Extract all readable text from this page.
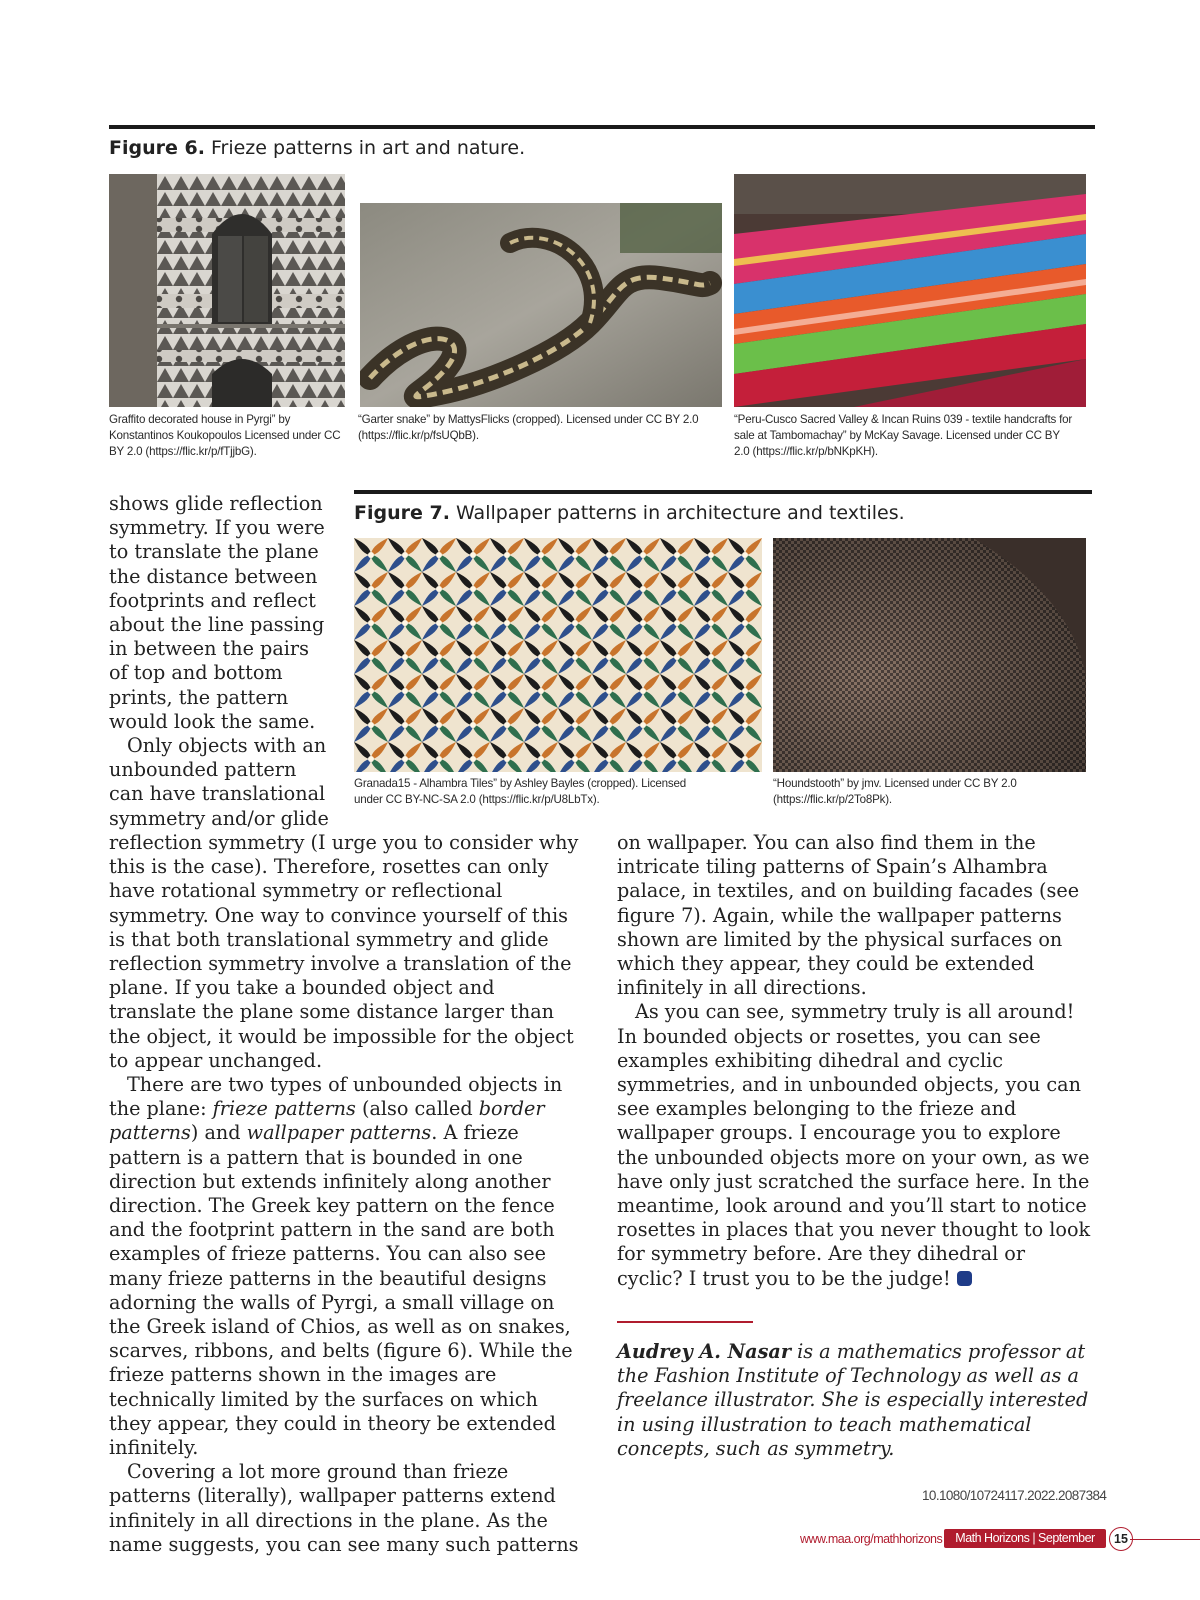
Figure 6. Frieze patterns in art and nature.
Graffito decorated house in Pyrgi” by Konstantinos Koukopoulos Licensed under CC BY 2.0 (https://flic.kr/p/fTjjbG).
“Garter snake” by MattysFlicks (cropped). Licensed under CC BY 2.0 (https://flic.kr/p/fsUQbB).
“Peru-Cusco Sacred Valley & Incan Ruins 039 - textile handcrafts for sale at Tambomachay” by McKay Savage. Licensed under CC BY 2.0 (https://flic.kr/p/bNKpKH).
Figure 7. Wallpaper patterns in architecture and textiles.
Granada15 - Alhambra Tiles” by Ashley Bayles (cropped). Licensed under CC BY-NC-SA 2.0 (https://flic.kr/p/U8LbTx).
“Houndstooth” by jmv. Licensed under CC BY 2.0 (https://flic.kr/p/2To8Pk).

shows glide reflection symmetry. If you were to translate the plane the distance between footprints and reflect about the line passing in between the pairs of top and bottom prints, the pattern would look the same.

Only objects with an unbounded pattern can have translational symmetry and/or glide

reflection symmetry (I urge you to consider why this is the case). Therefore, rosettes can only have rotational symmetry or reflectional symmetry. One way to convince yourself of this is that both translational symmetry and glide reflection symmetry involve a translation of the plane. If you take a bounded object and translate the plane some distance larger than the object, it would be impossible for the object to appear unchanged.

There are two types of unbounded objects in the plane: frieze patterns (also called border patterns) and wallpaper patterns. A frieze pattern is a pattern that is bounded in one direction but extends infinitely along another direction. The Greek key pattern on the fence and the footprint pattern in the sand are both examples of frieze patterns. You can also see many frieze patterns in the beautiful designs adorning the walls of Pyrgi, a small village on the Greek island of Chios, as well as on snakes, scarves, ribbons, and belts (figure 6). While the frieze patterns shown in the images are technically limited by the surfaces on which they appear, they could in theory be extended infinitely.

Covering a lot more ground than frieze patterns (literally), wallpaper patterns extend infinitely in all directions in the plane. As the name suggests, you can see many such patterns

on wallpaper. You can also find them in the intricate tiling patterns of Spain’s Alhambra palace, in textiles, and on building facades (see figure 7). Again, while the wallpaper patterns shown are limited by the physical surfaces on which they appear, they could be extended infinitely in all directions.

As you can see, symmetry truly is all around! In bounded objects or rosettes, you can see examples exhibiting dihedral and cyclic symmetries, and in unbounded objects, you can see examples belonging to the frieze and wallpaper groups. I encourage you to explore the unbounded objects more on your own, as we have only just scratched the surface here. In the meantime, look around and you’ll start to notice rosettes in places that you never thought to look for symmetry before. Are they dihedral or cyclic? I trust you to be the judge!

Audrey A. Nasar is a mathematics professor at the Fashion Institute of Technology as well as a freelance illustrator. She is especially interested in using illustration to teach mathematical concepts, such as symmetry.
10.1080/10724117.2022.2087384
www.maa.org/mathhorizons	Math Horizons | September 2022
15
